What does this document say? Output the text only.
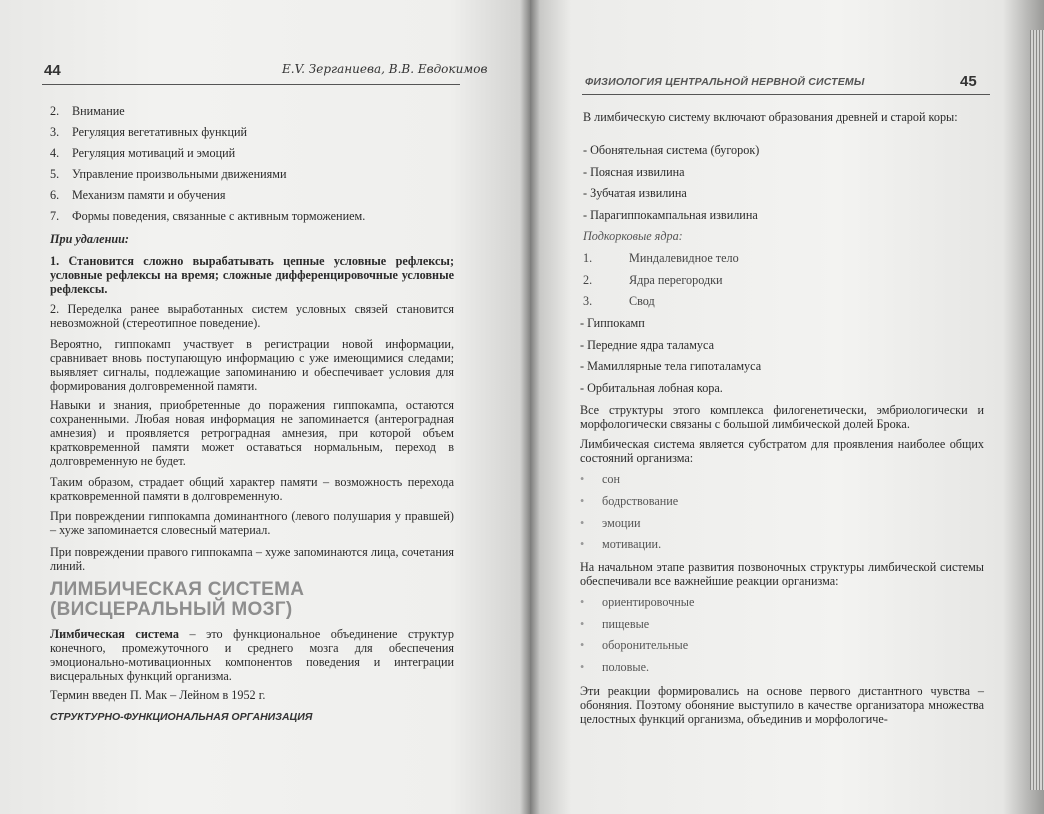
44	Е.V. Зерганиева, В.В. Евдокимов
2. Внимание
3. Регуляция вегетативных функций
4. Регуляция мотиваций и эмоций
5. Управление произвольными движениями
6. Механизм памяти и обучения
7. Формы поведения, связанные с активным торможением.
При удалении:
1. Становится сложно вырабатывать цепные условные рефлексы; условные рефлексы на время; сложные дифференцировочные условные рефлексы.
2. Переделка ранее выработанных систем условных связей становится невозможной (стереотипное поведение).
Вероятно, гиппокамп участвует в регистрации новой информации, сравнивает вновь поступающую информацию с уже имеющимися следами; выявляет сигналы, подлежащие запоминанию и обеспечивает условия для формирования долговременной памяти.
Навыки и знания, приобретенные до поражения гиппокампа, остаются сохраненными. Любая новая информация не запоминается (антероградная амнезия) и проявляется ретроградная амнезия, при которой объем кратковременной памяти может оставаться нормальным, переход в долговременную не будет.
Таким образом, страдает общий характер памяти – возможность перехода кратковременной памяти в долговременную.
При повреждении гиппокампа доминантного (левого полушария у правшей) – хуже запоминается словесный материал.
При повреждении правого гиппокампа – хуже запоминаются лица, сочетания линий.
ЛИМБИЧЕСКАЯ СИСТЕМА (ВИСЦЕРАЛЬНЫЙ МОЗГ)
Лимбическая система – это функциональное объединение структур конечного, промежуточного и среднего мозга для обеспечения эмоционально-мотивационных компонентов поведения и интеграции висцеральных функций организма.
Термин введен П. Мак – Лейном в 1952 г.
СТРУКТУРНО-ФУНКЦИОНАЛЬНАЯ ОРГАНИЗАЦИЯ
ФИЗИОЛОГИЯ ЦЕНТРАЛЬНОЙ НЕРВНОЙ СИСТЕМЫ	45
В лимбическую систему включают образования древней и старой коры:
- Обонятельная система (бугорок)
- Поясная извилина
- Зубчатая извилина
- Парагиппокампальная извилина
Подкорковые ядра:
1.	Миндалевидное тело
2.	Ядра перегородки
3.	Свод
- Гиппокамп
- Передние ядра таламуса
- Мамиллярные тела гипоталамуса
- Орбитальная лобная кора.
Все структуры этого комплекса филогенетически, эмбриологически и морфологически связаны с большой лимбической долей Брока.
Лимбическая система является субстратом для проявления наиболее общих состояний организма:
• сон
• бодрствование
• эмоции
• мотивации.
На начальном этапе развития позвоночных структуры лимбической системы обеспечивали все важнейшие реакции организма:
• ориентировочные
• пищевые
• оборонительные
• половые.
Эти реакции формировались на основе первого дистантного чувства – обоняния. Поэтому обоняние выступило в качестве организатора множества целостных функций организма, объединив и морфологиче-
